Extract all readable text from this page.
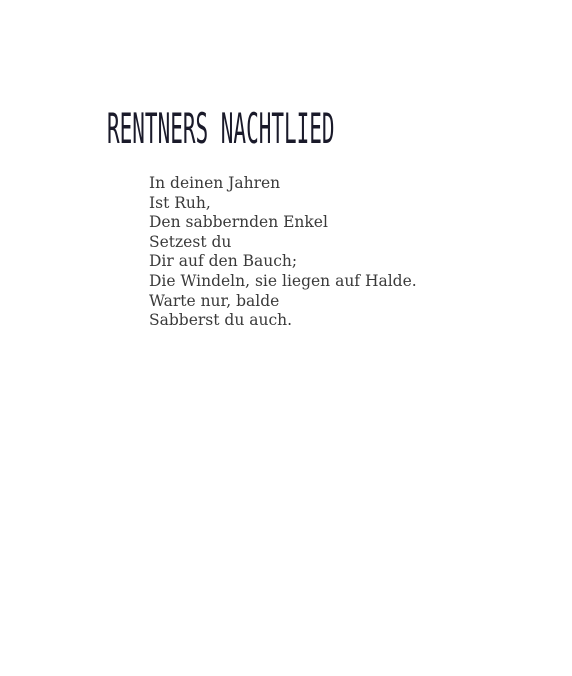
RENTNERS NACHTLIED
In deinen Jahren
Ist Ruh,
Den sabbernden Enkel
Setzest du
Dir auf den Bauch;
Die Windeln, sie liegen auf Halde.
Warte nur, balde
Sabberst du auch.
